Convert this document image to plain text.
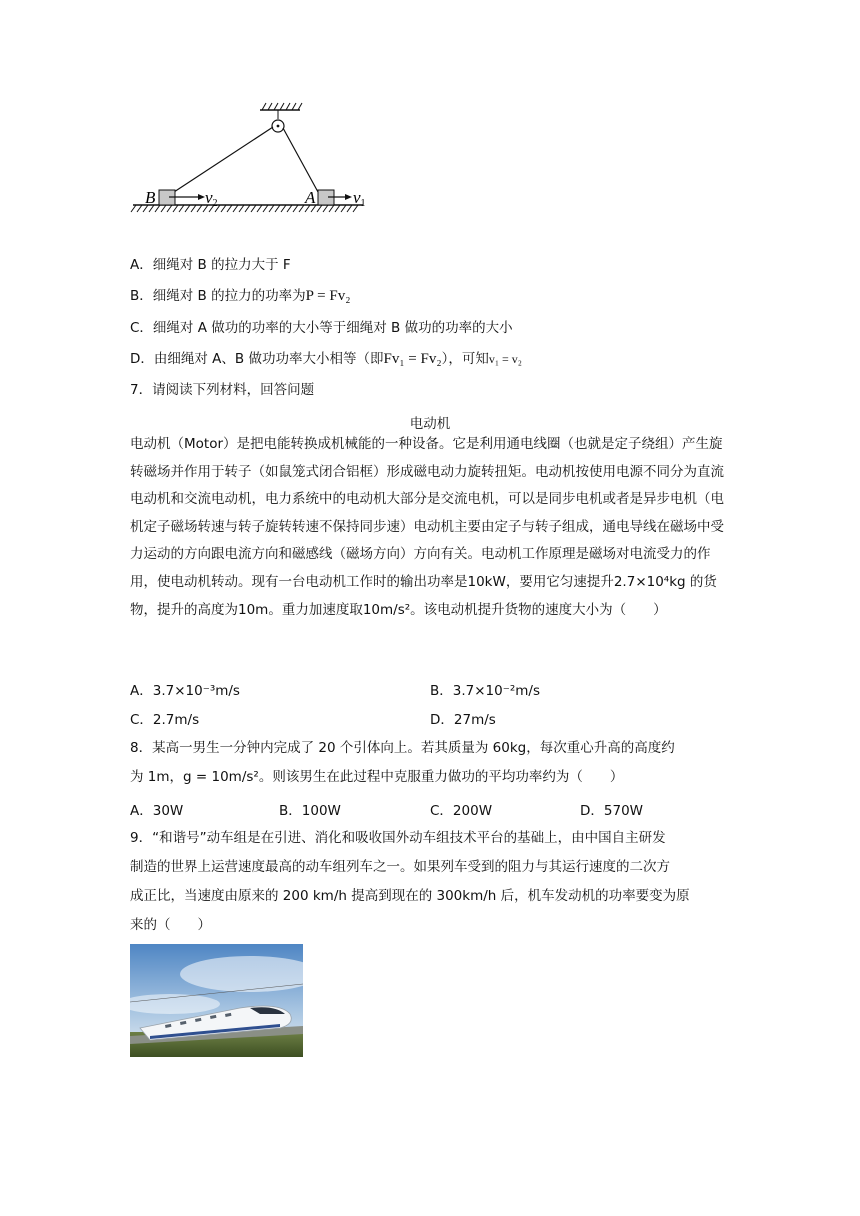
B	v2	A v1
A．细绳对 B 的拉力大于 F
B．细绳对 B 的拉力的功率为P = Fv₂
C．细绳对 A 做功的功率的大小等于细绳对 B 做功的功率的大小
D．由细绳对 A、B 做功功率大小相等（即Fv₁ = Fv₂），可知v₁ = v₂
7．请阅读下列材料，回答问题
电动机
电动机（Motor）是把电能转换成机械能的一种设备。它是利用通电线圈（也就是定子绕组）产生旋转磁场并作用于转子（如鼠笼式闭合铝框）形成磁电动力旋转扭矩。电动机按使用电源不同分为直流电动机和交流电动机，电力系统中的电动机大部分是交流电机，可以是同步电机或者是异步电机（电机定子磁场转速与转子旋转转速不保持同步速）电动机主要由定子与转子组成，通电导线在磁场中受力运动的方向跟电流方向和磁感线（磁场方向）方向有关。电动机工作原理是磁场对电流受力的作用，使电动机转动。现有一台电动机工作时的输出功率是10kW，要用它匀速提升2.7×10⁴kg 的货物，提升的高度为10m。重力加速度取10m/s²。该电动机提升货物的速度大小为（　　）
A．3.7×10⁻³m/s	B．3.7×10⁻²m/s
C．2.7m/s	D．27m/s
8．某高一男生一分钟内完成了 20 个引体向上。若其质量为 60kg，每次重心升高的高度约
为 1m，g = 10m/s²。则该男生在此过程中克服重力做功的平均功率约为（　　）
A．30W	B．100W	C．200W	D．570W
9．“和谐号”动车组是在引进、消化和吸收国外动车组技术平台的基础上，由中国自主研发
制造的世界上运营速度最高的动车组列车之一。如果列车受到的阻力与其运行速度的二次方
成正比，当速度由原来的 200 km/h 提高到现在的 300km/h 后，机车发动机的功率要变为原
来的（　　）
